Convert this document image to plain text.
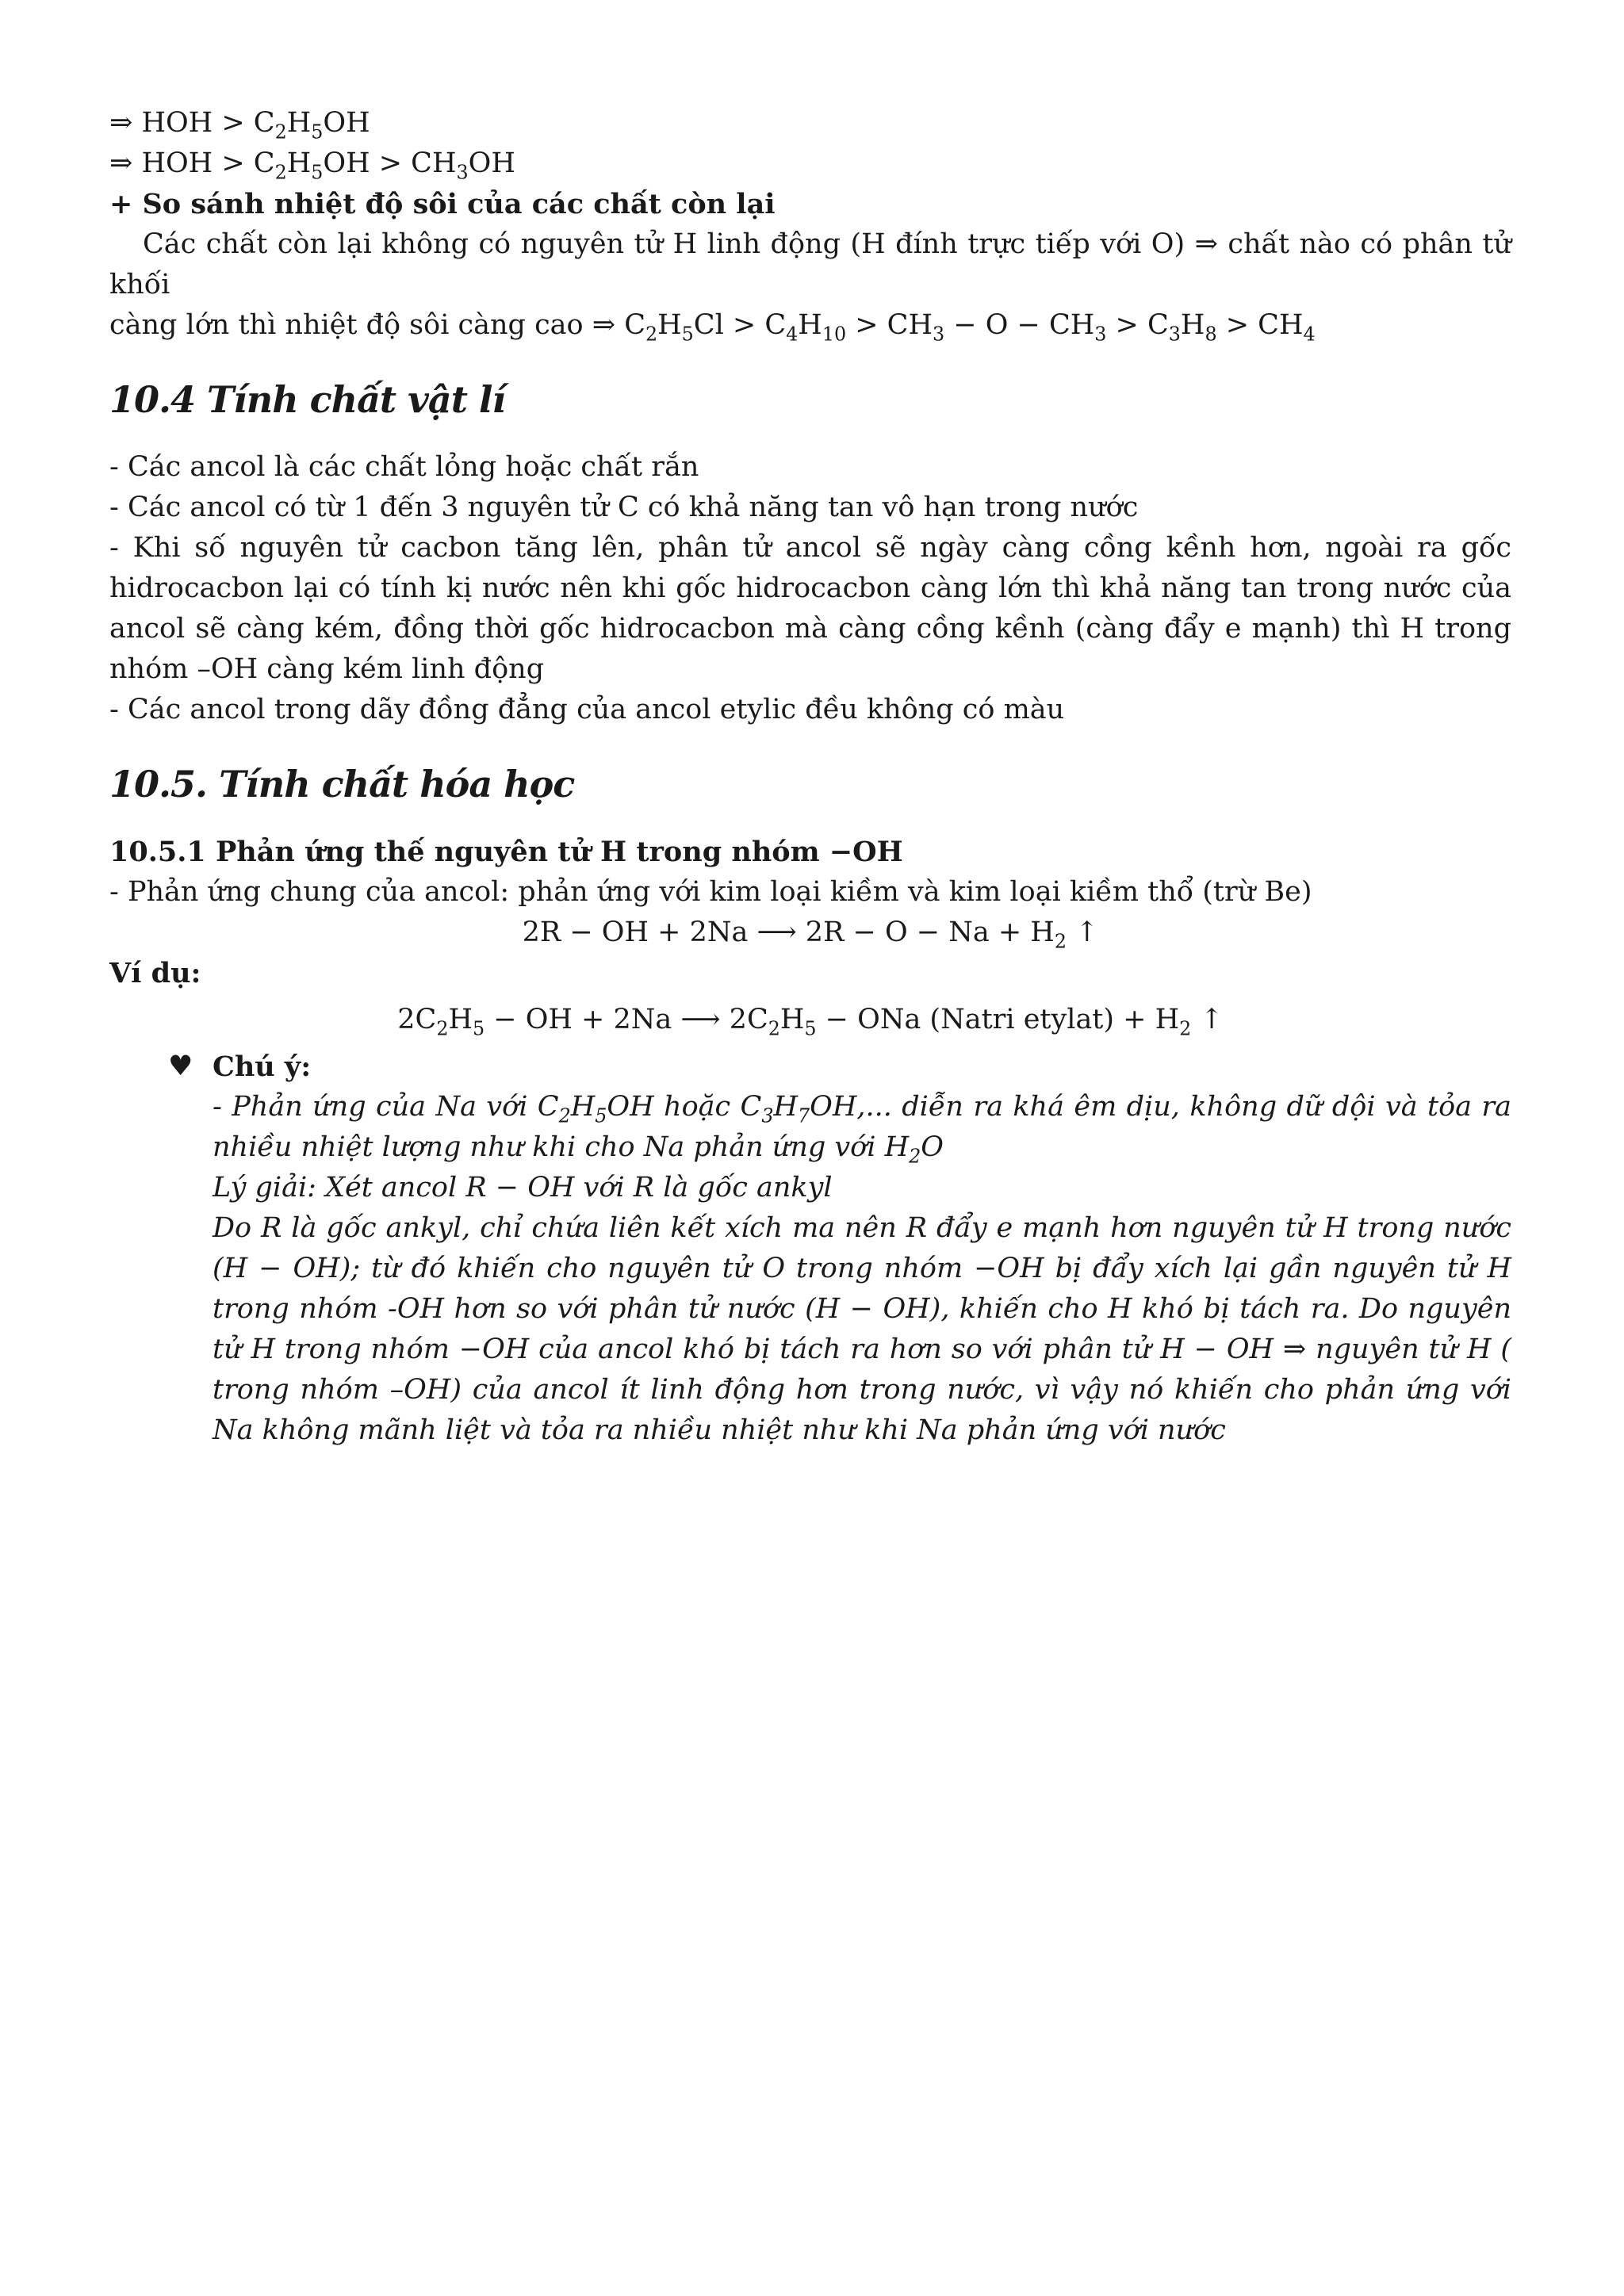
⇒ HOH > $C_2H_5OH$
⇒ HOH > $C_2H_5OH > CH_3OH$
+ So sánh nhiệt độ sôi của các chất còn lại
Các chất còn lại không có nguyên tử H linh động (H đính trực tiếp với O) ⇒ chất nào có phân tử khối
càng lớn thì nhiệt độ sôi càng cao ⇒ $C_2H_5Cl > C_4H_{10} > CH_3 - O - CH_3 > C_3H_8 > CH_4$
10.4 Tính chất vật lí
- Các ancol là các chất lỏng hoặc chất rắn
- Các ancol có từ 1 đến 3 nguyên tử C có khả năng tan vô hạn trong nước
- Khi số nguyên tử cacbon tăng lên, phân tử ancol sẽ ngày càng cồng kềnh hơn, ngoài ra gốc hidrocacbon lại có tính kị nước nên khi gốc hidrocacbon càng lớn thì khả năng tan trong nước của ancol sẽ càng kém, đồng thời gốc hidrocacbon mà càng cồng kềnh (càng đẩy e mạnh) thì H trong nhóm –OH càng kém linh động
- Các ancol trong dãy đồng đẳng của ancol etylic đều không có màu
10.5. Tính chất hóa học
10.5.1 Phản ứng thế nguyên tử H trong nhóm −OH
- Phản ứng chung của ancol: phản ứng với kim loại kiềm và kim loại kiềm thổ (trừ Be)
2R − OH + 2Na ⟶ $2R - O - Na + H_2$ ↑
Ví dụ:
$2C_2H_5$ − OH + 2Na ⟶ $2C_2H_5$ − ONa (Natri etylat) + $H_2$ ↑
♥ Chú ý:
- Phản ứng của Na với $C_2H_5OH$ hoặc $C_3H_7OH$,... diễn ra khá êm dịu, không dữ dội và tỏa ra nhiều nhiệt lượng như khi cho Na phản ứng với $H_2O$
Lý giải: Xét ancol R − OH với R là gốc ankyl
Do R là gốc ankyl, chỉ chứa liên kết xích ma nên R đẩy e mạnh hơn nguyên tử H trong nước (H − OH); từ đó khiến cho nguyên tử O trong nhóm −OH bị đẩy xích lại gần nguyên tử H trong nhóm -OH hơn so với phân tử nước (H − OH), khiến cho H khó bị tách ra. Do nguyên tử H trong nhóm −OH của ancol khó bị tách ra hơn so với phân tử H − OH ⇒ nguyên tử H ( trong nhóm –OH) của ancol ít linh động hơn trong nước, vì vậy nó khiến cho phản ứng với Na không mãnh liệt và tỏa ra nhiều nhiệt như khi Na phản ứng với nước
